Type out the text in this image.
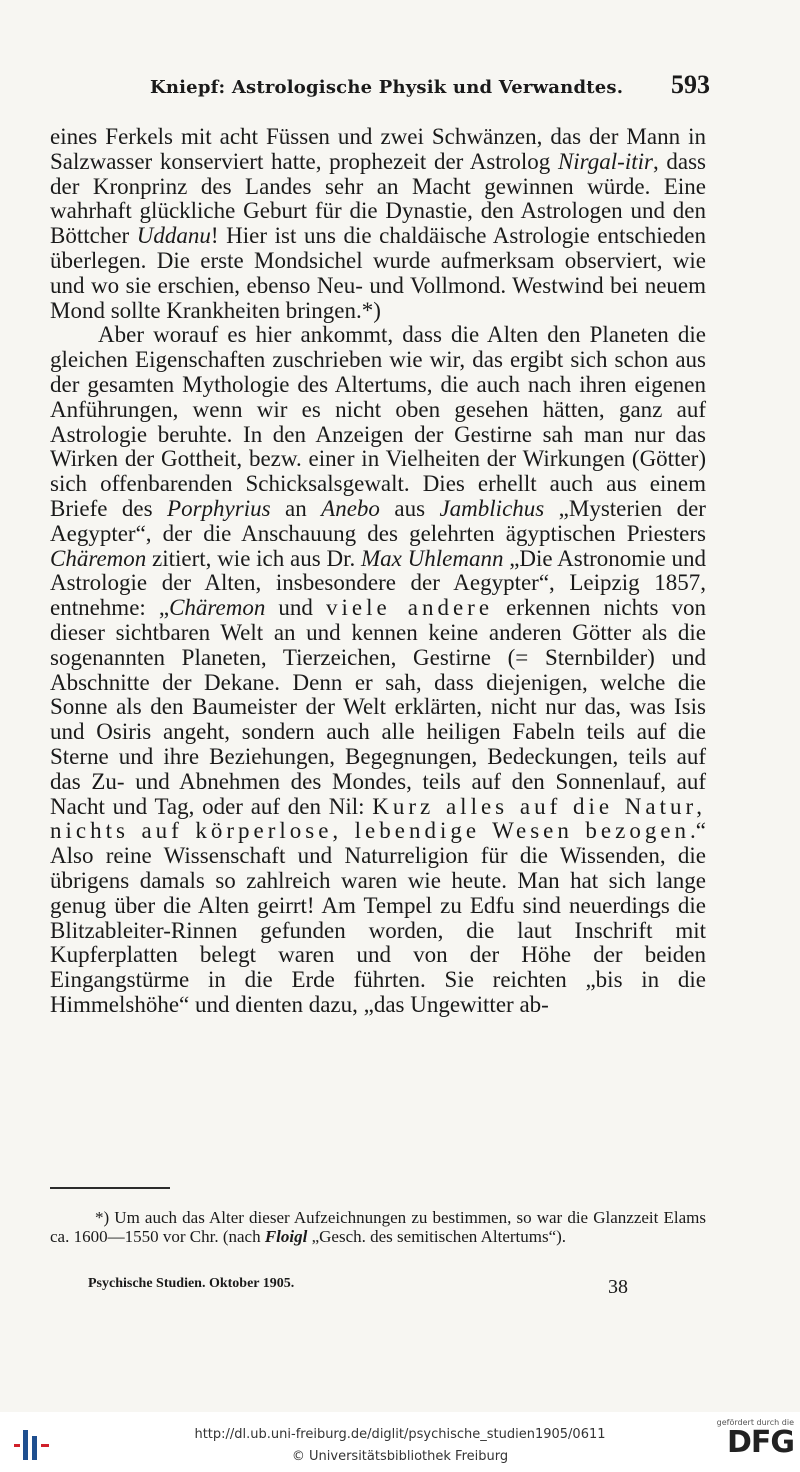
Kniepf: Astrologische Physik und Verwandtes. 593

eines Ferkels mit acht Füssen und zwei Schwänzen, das der Mann in Salzwasser konserviert hatte, prophezeit der Astrolog Nirgal-itir, dass der Kronprinz des Landes sehr an Macht gewinnen würde. Eine wahrhaft glückliche Geburt für die Dynastie, den Astrologen und den Böttcher Uddanu! Hier ist uns die chaldäische Astrologie entschieden überlegen. Die erste Mondsichel wurde aufmerksam observiert, wie und wo sie erschien, ebenso Neu- und Vollmond. Westwind bei neuem Mond sollte Krankheiten bringen.*)

Aber worauf es hier ankommt, dass die Alten den Planeten die gleichen Eigenschaften zuschrieben wie wir, das ergibt sich schon aus der gesamten Mythologie des Altertums, die auch nach ihren eigenen Anführungen, wenn wir es nicht oben gesehen hätten, ganz auf Astrologie beruhte. In den Anzeigen der Gestirne sah man nur das Wirken der Gottheit, bezw. einer in Vielheiten der Wirkungen (Götter) sich offenbarenden Schicksalsgewalt. Dies erhellt auch aus einem Briefe des Porphyrius an Anebo aus Jamblichus „Mysterien der Aegypter“, der die Anschauung des gelehrten ägyptischen Priesters Chäremon zitiert, wie ich aus Dr. Max Uhlemann „Die Astronomie und Astrologie der Alten, insbesondere der Aegypter“, Leipzig 1857, entnehme: „Chäremon und viele andere erkennen nichts von dieser sichtbaren Welt an und kennen keine anderen Götter als die sogenannten Planeten, Tierzeichen, Gestirne (= Sternbilder) und Abschnitte der Dekane. Denn er sah, dass diejenigen, welche die Sonne als den Baumeister der Welt erklärten, nicht nur das, was Isis und Osiris angeht, sondern auch alle heiligen Fabeln teils auf die Sterne und ihre Beziehungen, Begegnungen, Bedeckungen, teils auf das Zu- und Abnehmen des Mondes, teils auf den Sonnenlauf, auf Nacht und Tag, oder auf den Nil: Kurz alles auf die Natur, nichts auf körperlose, lebendige Wesen bezogen.“ Also reine Wissenschaft und Naturreligion für die Wissenden, die übrigens damals so zahlreich waren wie heute. Man hat sich lange genug über die Alten geirrt! Am Tempel zu Edfu sind neuerdings die Blitzableiter-Rinnen gefunden worden, die laut Inschrift mit Kupferplatten belegt waren und von der Höhe der beiden Eingangstürme in die Erde führten. Sie reichten „bis in die Himmelshöhe“ und dienten dazu, „das Ungewitter ab-

*) Um auch das Alter dieser Aufzeichnungen zu bestimmen, so war die Glanzzeit Elams ca. 1600—1550 vor Chr. (nach Floigl „Gesch. des semitischen Altertums“).

Psychische Studien. Oktober 1905.	38
http://dl.ub.uni-freiburg.de/diglit/psychische_studien1905/0611
© Universitätsbibliothek Freiburg
gefördert durch die
DFG
